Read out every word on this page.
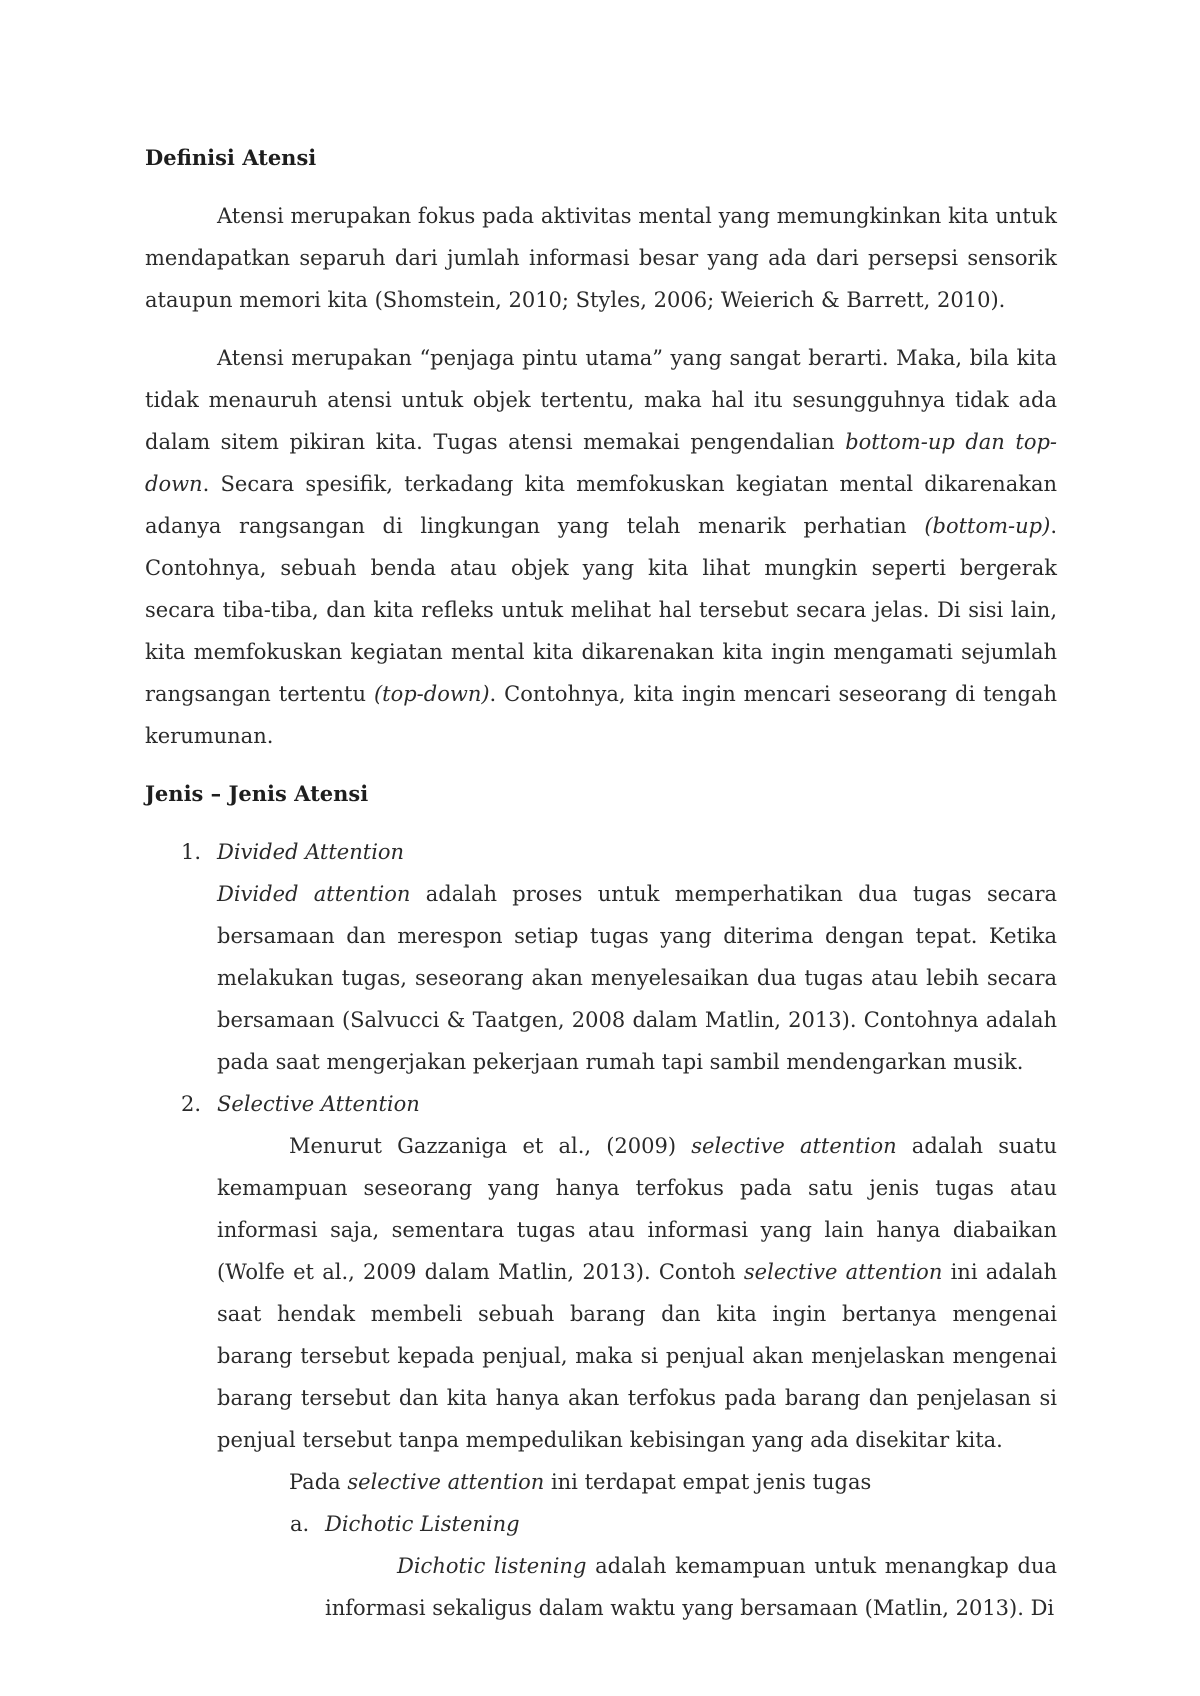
Definisi Atensi

Atensi merupakan fokus pada aktivitas mental yang memungkinkan kita untuk mendapatkan separuh dari jumlah informasi besar yang ada dari persepsi sensorik ataupun memori kita (Shomstein, 2010; Styles, 2006; Weierich & Barrett, 2010).

Atensi merupakan “penjaga pintu utama” yang sangat berarti. Maka, bila kita tidak menauruh atensi untuk objek tertentu, maka hal itu sesungguhnya tidak ada dalam sitem pikiran kita. Tugas atensi memakai pengendalian bottom-up dan top-down. Secara spesifik, terkadang kita memfokuskan kegiatan mental dikarenakan adanya rangsangan di lingkungan yang telah menarik perhatian (bottom-up). Contohnya, sebuah benda atau objek yang kita lihat mungkin seperti bergerak secara tiba-tiba, dan kita refleks untuk melihat hal tersebut secara jelas. Di sisi lain, kita memfokuskan kegiatan mental kita dikarenakan kita ingin mengamati sejumlah rangsangan tertentu (top-down). Contohnya, kita ingin mencari seseorang di tengah kerumunan.

Jenis – Jenis Atensi
1. Divided Attention

Divided attention adalah proses untuk memperhatikan dua tugas secara bersamaan dan merespon setiap tugas yang diterima dengan tepat. Ketika melakukan tugas, seseorang akan menyelesaikan dua tugas atau lebih secara bersamaan (Salvucci & Taatgen, 2008 dalam Matlin, 2013). Contohnya adalah pada saat mengerjakan pekerjaan rumah tapi sambil mendengarkan musik.

2. Selective Attention

Menurut Gazzaniga et al., (2009) selective attention adalah suatu kemampuan seseorang yang hanya terfokus pada satu jenis tugas atau informasi saja, sementara tugas atau informasi yang lain hanya diabaikan (Wolfe et al., 2009 dalam Matlin, 2013). Contoh selective attention ini adalah saat hendak membeli sebuah barang dan kita ingin bertanya mengenai barang tersebut kepada penjual, maka si penjual akan menjelaskan mengenai barang tersebut dan kita hanya akan terfokus pada barang dan penjelasan si penjual tersebut tanpa mempedulikan kebisingan yang ada disekitar kita.

Pada selective attention ini terdapat empat jenis tugas

a. Dichotic Listening

Dichotic listening adalah kemampuan untuk menangkap dua informasi sekaligus dalam waktu yang bersamaan (Matlin, 2013). Di
